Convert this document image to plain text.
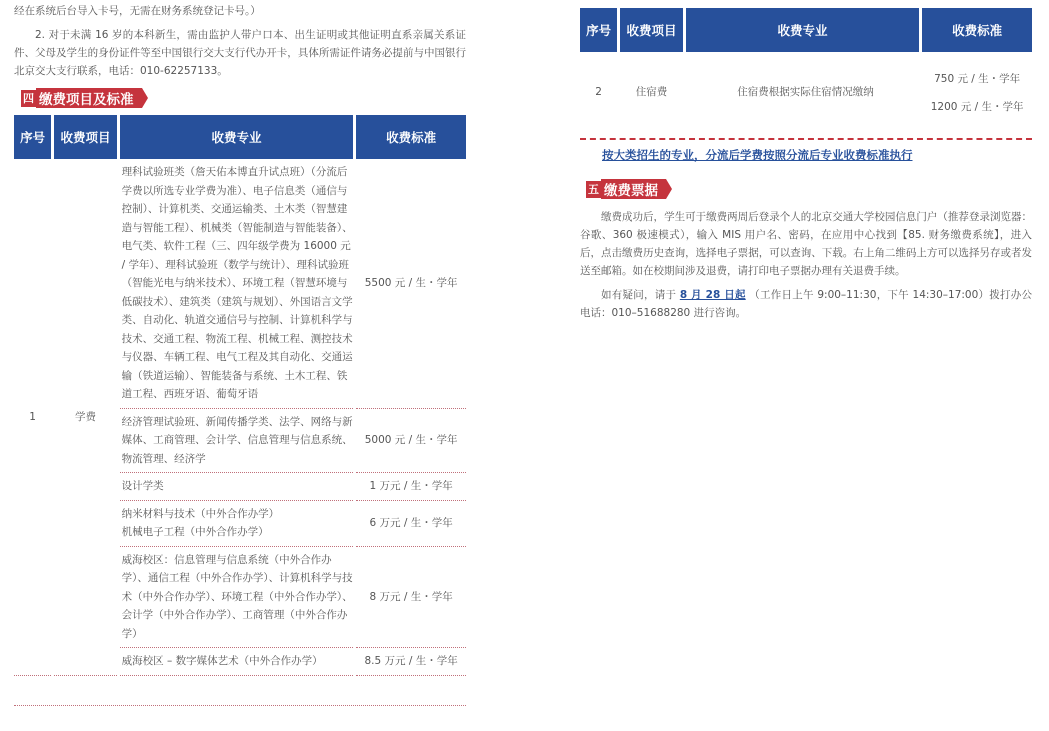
经在系统后台导入卡号，无需在财务系统登记卡号。）

2. 对于未满 16 岁的本科新生，需由监护人带户口本、出生证明或其他证明直系亲属关系证件、父母及学生的身份证件等至中国银行交大支行代办开卡，具体所需证件请务必提前与中国银行北京交大支行联系，电话：010-62257133。

四 缴费项目及标准
序号	收费项目	收费专业	收费标准
1	学费	理科试验班类（詹天佑本博直升试点班）（分流后学费以所选专业学费为准）、电子信息类（通信与控制）、计算机类、交通运输类、土木类（智慧建造与智能工程）、机械类（智能制造与智能装备）、电气类、软件工程（三、四年级学费为 16000 元 / 学年）、理科试验班（数学与统计）、理科试验班（智能光电与纳米技术）、环境工程（智慧环境与低碳技术）、建筑类（建筑与规划）、外国语言文学类、自动化、轨道交通信号与控制、计算机科学与技术、交通工程、物流工程、机械工程、测控技术与仪器、车辆工程、电气工程及其自动化、交通运输（铁道运输）、智能装备与系统、土木工程、铁道工程、西班牙语、葡萄牙语	5500 元 / 生・学年
		经济管理试验班、新闻传播学类、法学、网络与新媒体、工商管理、会计学、信息管理与信息系统、物流管理、经济学	5000 元 / 生・学年
		设计学类	1 万元 / 生・学年
		纳米材料与技术（中外合作办学）
机械电子工程（中外合作办学）	6 万元 / 生・学年
		威海校区：信息管理与信息系统（中外合作办学）、通信工程（中外合作办学）、计算机科学与技术（中外合作办学）、环境工程（中外合作办学）、会计学（中外合作办学）、工商管理（中外合作办学）	8 万元 / 生・学年
		威海校区 – 数字媒体艺术（中外合作办学）	8.5 万元 / 生・学年
序号	收费项目	收费专业	收费标准
2	住宿费	住宿费根据实际住宿情况缴纳	750 元 / 生・学年
			1200 元 / 生・学年

按大类招生的专业，分流后学费按照分流后专业收费标准执行

五 缴费票据

缴费成功后，学生可于缴费两周后登录个人的北京交通大学校园信息门户（推荐登录浏览器：谷歌、360 极速模式），输入 MIS 用户名、密码，在应用中心找到【85. 财务缴费系统】，进入后，点击缴费历史查询，选择电子票据，可以查询、下载。右上角二维码上方可以选择另存或者发送至邮箱。如在校期间涉及退费，请打印电子票据办理有关退费手续。

如有疑问，请于 8 月 28 日起 （工作日上午 9:00–11:30，下午 14:30–17:00）拨打办公电话：010–51688280 进行咨询。
